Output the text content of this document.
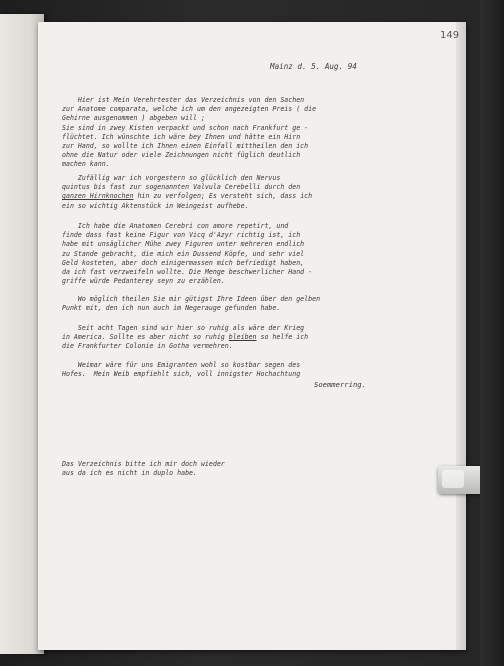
149
Mainz d. 5. Aug. 94
Hier ist Mein Verehrtester das Verzeichnis von den Sachen
zur Anatome comparata, welche ich um den angezeigten Preis ( die
Gehirne ausgenommen ) abgeben will ;
Sie sind in zwey Kisten verpackt und schon nach Frankfurt ge -
flüchtet. Ich wünschte ich wäre bey Ihnen und hätte ein Hirn
zur Hand, so wollte ich Ihnen einen Einfall mittheilen den ich
ohne die Natur oder viele Zeichnungen nicht füglich deutlich
machen kann.
Zufällig war ich vorgestern so glücklich den Nervus
quintus bis fast zur sogenannten Valvula Cerebelli durch den
ganzen Hirnknochen hin zu verfolgen; Es versteht sich, dass ich
ein so wichtig Aktenstück in Weingeist aufhebe.
Ich habe die Anatomen Cerebri con amore repetirt, und
finde dass fast keine Figur von Vicq d'Azyr richtig ist, ich
habe mit unsäglicher Mühe zwey Figuren unter mehreren endlich
zu Stande gebracht, die mich ein Dussend Köpfe, und sehr viel
Geld kosteten, aber doch einigermassen mich befriedigt haben,
da ich fast verzweifeln wollte. Die Menge beschwerlicher Hand -
griffe würde Pedanterey seyn zu erzählen.
Wo möglich theilen Sie mir gütigst Ihre Ideen über den gelben
Punkt mit, den ich nun auch im Negerauge gefunden habe.
Seit acht Tagen sind wir hier so ruhig als wäre der Krieg
in America. Sollte es aber nicht so ruhig bleiben so helfe ich
die Frankfurter Colonie in Gotha vermehren.
Weimar wäre für uns Emigranten wohl so kostbar segen des
Hofes.  Mein Weib empfiehlt sich, voll innigster Hochachtung
Soemmerring.
Das Verzeichnis bitte ich mir doch wieder
aus da ich es nicht in duplo habe.
